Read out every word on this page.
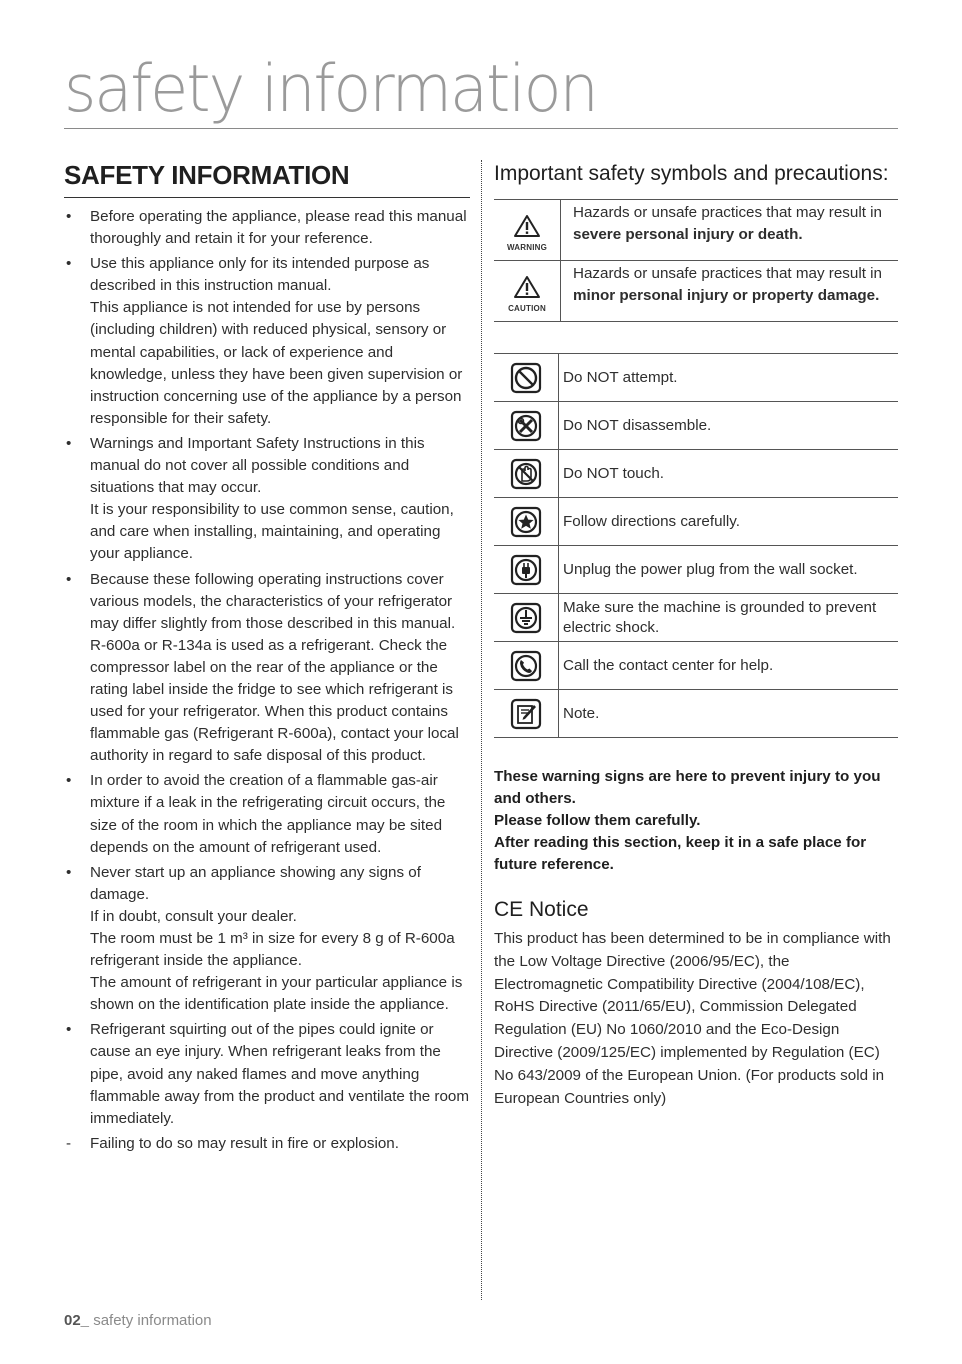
safety information
SAFETY INFORMATION
• Before operating the appliance, please read this manual thoroughly and retain it for your reference.
• Use this appliance only for its intended purpose as described in this instruction manual.
This appliance is not intended for use by persons (including children) with reduced physical, sensory or mental capabilities, or lack of experience and knowledge, unless they have been given supervision or instruction concerning use of the appliance by a person responsible for their safety.
• Warnings and Important Safety Instructions in this manual do not cover all possible conditions and situations that may occur.
It is your responsibility to use common sense, caution, and care when installing, maintaining, and operating your appliance.
• Because these following operating instructions cover various models, the characteristics of your refrigerator may differ slightly from those described in this manual.
R-600a or R-134a is used as a refrigerant. Check the compressor label on the rear of the appliance or the rating label inside the fridge to see which refrigerant is used for your refrigerator. When this product contains flammable gas (Refrigerant R-600a), contact your local authority in regard to safe disposal of this product.
• In order to avoid the creation of a flammable gas-air mixture if a leak in the refrigerating circuit occurs, the size of the room in which the appliance may be sited depends on the amount of refrigerant used.
• Never start up an appliance showing any signs of damage.
If in doubt, consult your dealer.
The room must be 1 m³ in size for every 8 g of R-600a refrigerant inside the appliance.
The amount of refrigerant in your particular appliance is shown on the identification plate inside the appliance.
• Refrigerant squirting out of the pipes could ignite or cause an eye injury. When refrigerant leaks from the pipe, avoid any naked flames and move anything flammable away from the product and ventilate the room immediately.
- Failing to do so may result in fire or explosion.
Important safety symbols and precautions:
WARNING	Hazards or unsafe practices that may result in severe personal injury or death.

CAUTION	Hazards or unsafe practices that may result in minor personal injury or property damage.
	Do NOT attempt.

	Do NOT disassemble.

	Do NOT touch.

	Follow directions carefully.

	Unplug the power plug from the wall socket.

	Make sure the machine is grounded to prevent electric shock.

	Call the contact center for help.

	Note.

These warning signs are here to prevent injury to you and others.

Please follow them carefully.

After reading this section, keep it in a safe place for future reference.

CE Notice

This product has been determined to be in compliance with the Low Voltage Directive (2006/95/EC), the Electromagnetic Compatibility Directive (2004/108/EC), RoHS Directive (2011/65/EU), Commission Delegated Regulation (EU) No 1060/2010 and the Eco-Design Directive (2009/125/EC) implemented by Regulation (EC) No 643/2009 of the European Union. (For products sold in European Countries only)

02_ safety information
